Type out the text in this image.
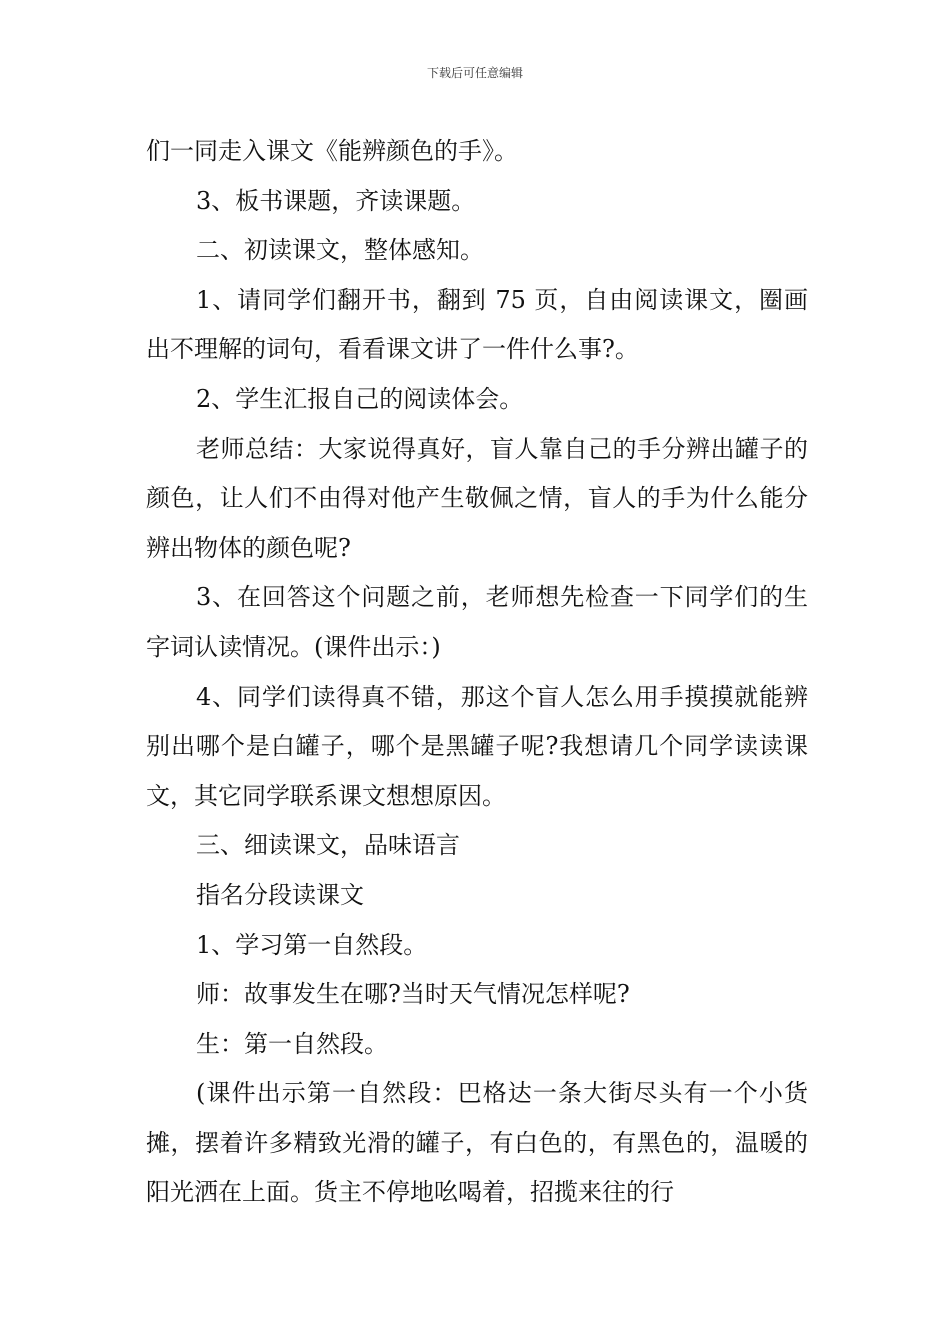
下载后可任意编辑

们一同走入课文《能辨颜色的手》。

3、板书课题，齐读课题。

二、初读课文，整体感知。

1、请同学们翻开书，翻到 75 页，自由阅读课文，圈画出不理解的词句，看看课文讲了一件什么事?。

2、学生汇报自己的阅读体会。

老师总结：大家说得真好，盲人靠自己的手分辨出罐子的颜色，让人们不由得对他产生敬佩之情，盲人的手为什么能分辨出物体的颜色呢?

3、在回答这个问题之前，老师想先检查一下同学们的生字词认读情况。(课件出示：)

4、同学们读得真不错，那这个盲人怎么用手摸摸就能辨别出哪个是白罐子，哪个是黑罐子呢?我想请几个同学读读课文，其它同学联系课文想想原因。

三、细读课文，品味语言

指名分段读课文

1、学习第一自然段。

师：故事发生在哪?当时天气情况怎样呢?

生：第一自然段。

(课件出示第一自然段：巴格达一条大街尽头有一个小货摊，摆着许多精致光滑的罐子，有白色的，有黑色的，温暖的阳光洒在上面。货主不停地吆喝着，招揽来往的行
